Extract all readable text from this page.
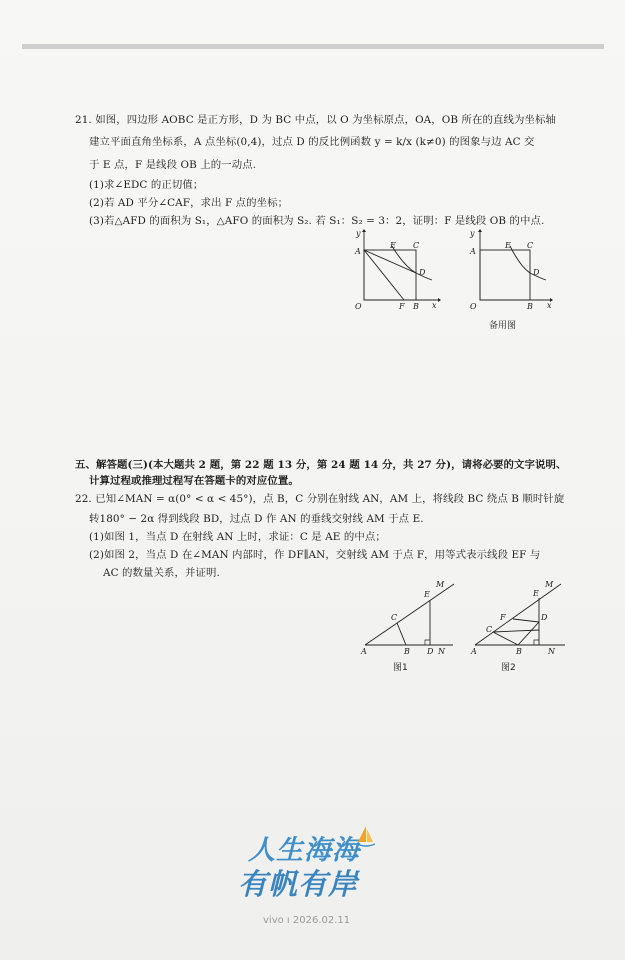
21. 如图，四边形 AOBC 是正方形，D 为 BC 中点，以 O 为坐标原点，OA，OB 所在的直线为坐标轴
建立平面直角坐标系，A 点坐标(0,4)，过点 D 的反比例函数 y = k/x (k≠0) 的图象与边 AC 交
于 E 点，F 是线段 OB 上的一动点.
(1)求∠EDC 的正切值；
(2)若 AD 平分∠CAF，求出 F 点的坐标；
(3)若△AFD 的面积为 S₁，△AFO 的面积为 S₂. 若 S₁：S₂ = 3：2，证明：F 是线段 OB 的中点.
y
A
E C
D
O	F B x
y
A
E C
D
O	B x
备用图
五、解答题(三)(本大题共 2 题，第 22 题 13 分，第 24 题 14 分，共 27 分)，请将必要的文字说明、
计算过程或推理过程写在答题卡的对应位置。
22. 已知∠MAN = α(0° < α < 45°)，点 B，C 分别在射线 AN，AM 上，将线段 BC 绕点 B 顺时针旋
转180° − 2α 得到线段 BD，过点 D 作 AN 的垂线交射线 AM 于点 E.
(1)如图 1，当点 D 在射线 AN 上时，求证：C 是 AE 的中点；
(2)如图 2，当点 D 在∠MAN 内部时，作 DF∥AN，交射线 AM 于点 F，用等式表示线段 EF 与
AC 的数量关系，并证明.
M
E
C
A	B D N
图1
M
E
F	D
C
A	B	N
图2
人生海海
有帆有岸
vivo ı 2026.02.11
